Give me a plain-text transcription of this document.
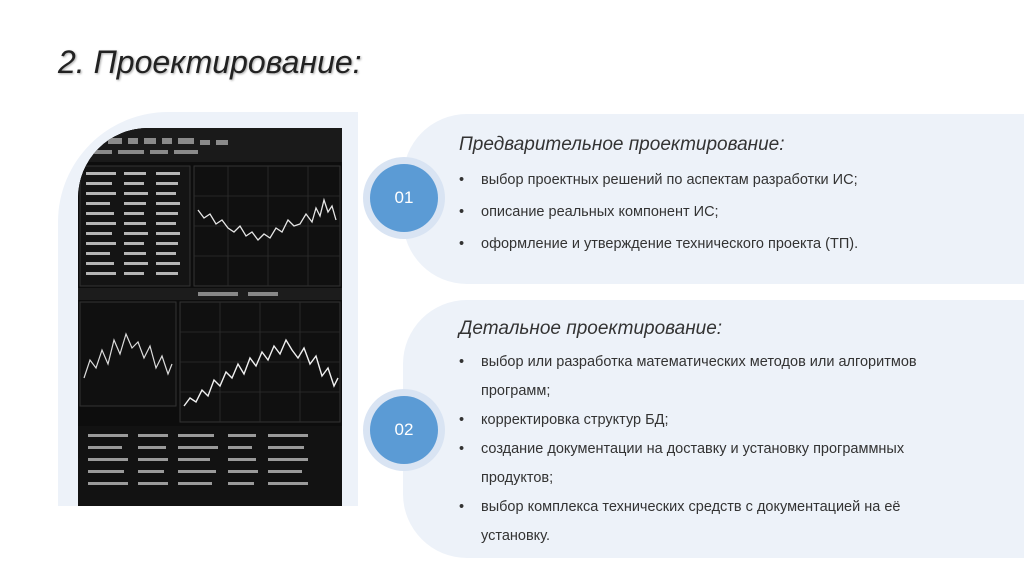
2. Проектирование:
01
02
Предварительное проектирование:
• выбор проектных решений по аспектам разработки ИС;
• описание реальных компонент ИС;
• оформление и утверждение технического проекта (ТП).
Детальное проектирование:
• выбор или разработка математических методов или алгоритмов программ;
• корректировка структур БД;
• создание документации на доставку и установку программных продуктов;
• выбор комплекса технических средств с документацией на её установку.
